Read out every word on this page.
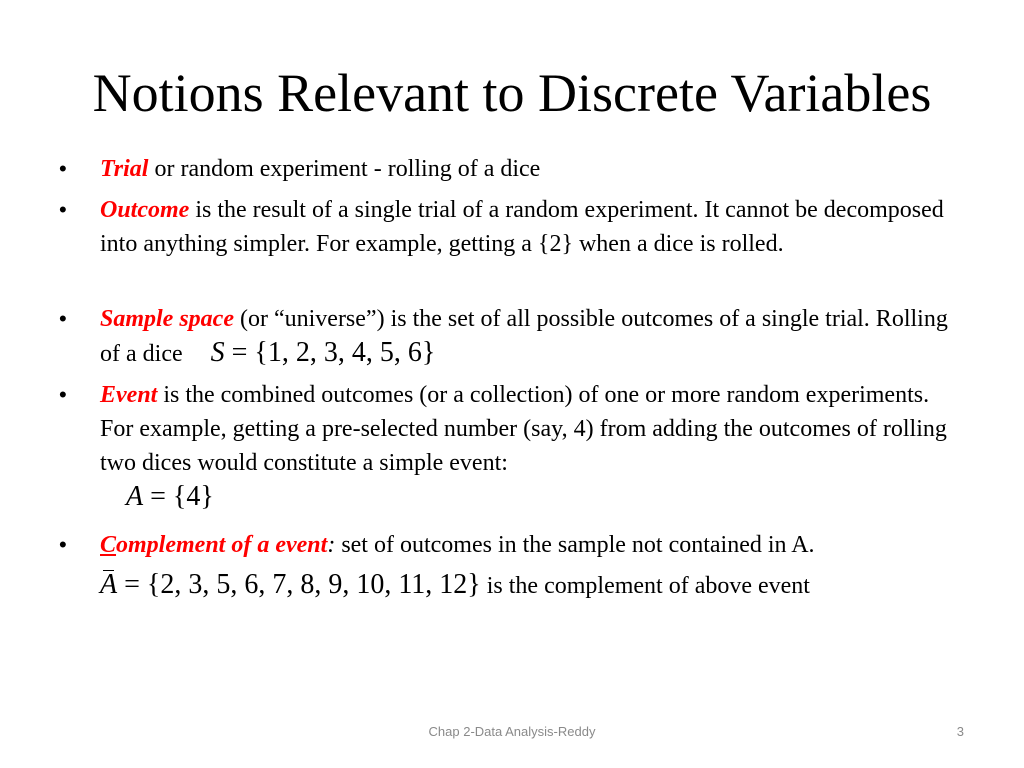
Notions Relevant to Discrete Variables
• Trial or random experiment - rolling of a dice
• Outcome is the result of a single trial of a random experiment. It cannot be decomposed into anything simpler. For example, getting a {2} when a dice is rolled.
• Sample space (or “universe”) is the set of all possible outcomes of a single trial. Rolling of a dice S = {1, 2, 3, 4, 5, 6}
• Event is the combined outcomes (or a collection) of one or more random experiments. For example, getting a pre-selected number (say, 4) from adding the outcomes of rolling two dices would constitute a simple event:
A = {4}
• Complement of a event: set of outcomes in the sample not contained in A.
A = {2, 3, 5, 6, 7, 8, 9, 10, 11, 12} is the complement of above event
Chap 2-Data Analysis-Reddy	3
